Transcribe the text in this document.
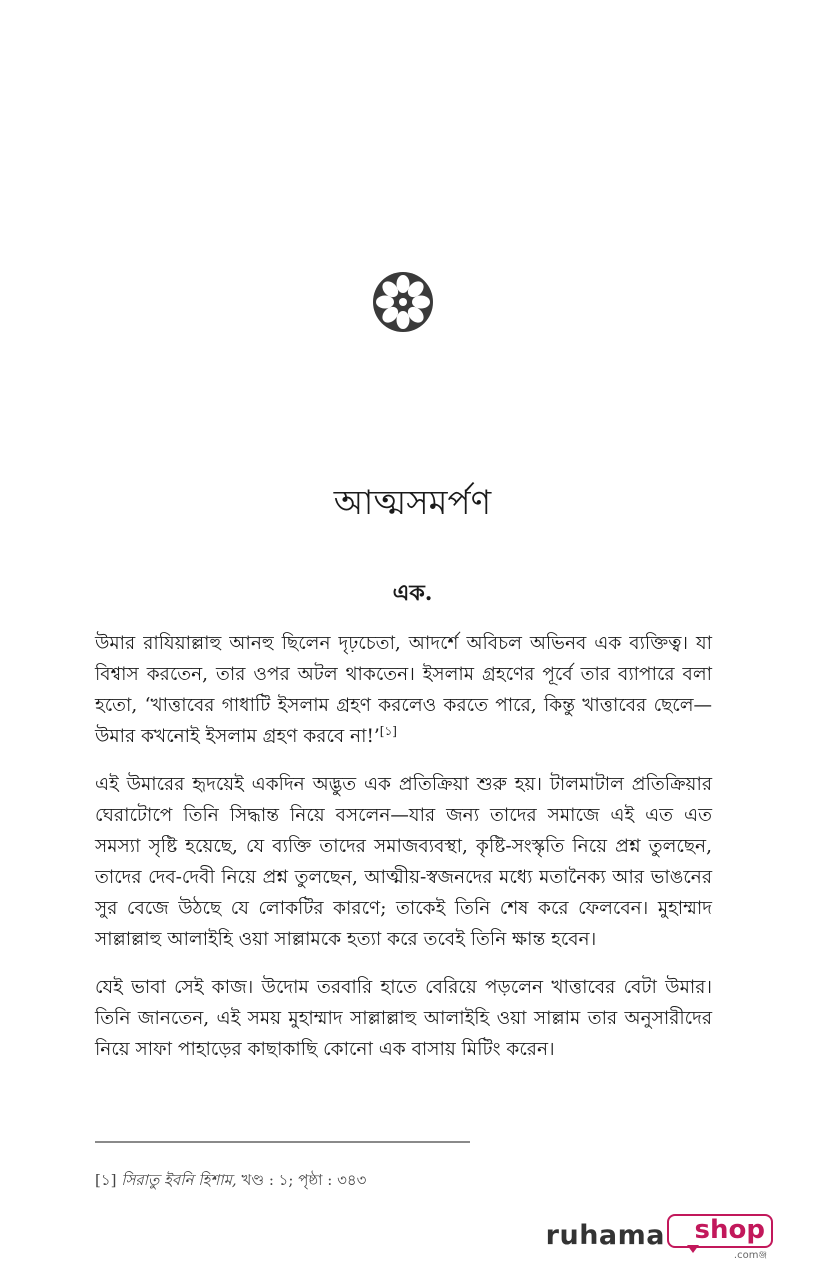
আত্মসমর্পণ
এক.

উমার রাযিয়াল্লাহু আনহু ছিলেন দৃঢ়চেতা, আদর্শে অবিচল অভিনব এক ব্যক্তিত্ব। যা বিশ্বাস করতেন, তার ওপর অটল থাকতেন। ইসলাম গ্রহণের পূর্বে তার ব্যাপারে বলা হতো, ‘খাত্তাবের গাধাটি ইসলাম গ্রহণ করলেও করতে পারে, কিন্তু খাত্তাবের ছেলে—উমার কখনোই ইসলাম গ্রহণ করবে না!’[১]

এই উমারের হৃদয়েই একদিন অদ্ভুত এক প্রতিক্রিয়া শুরু হয়। টালমাটাল প্রতিক্রিয়ার ঘেরাটোপে তিনি সিদ্ধান্ত নিয়ে বসলেন—যার জন্য তাদের সমাজে এই এত এত সমস্যা সৃষ্টি হয়েছে, যে ব্যক্তি তাদের সমাজব্যবস্থা, কৃষ্টি-সংস্কৃতি নিয়ে প্রশ্ন তুলছেন, তাদের দেব-দেবী নিয়ে প্রশ্ন তুলছেন, আত্মীয়-স্বজনদের মধ্যে মতানৈক্য আর ভাঙনের সুর বেজে উঠছে যে লোকটির কারণে; তাকেই তিনি শেষ করে ফেলবেন। মুহাম্মাদ সাল্লাল্লাহু আলাইহি ওয়া সাল্লামকে হত্যা করে তবেই তিনি ক্ষান্ত হবেন।

যেই ভাবা সেই কাজ। উদোম তরবারি হাতে বেরিয়ে পড়লেন খাত্তাবের বেটা উমার। তিনি জানতেন, এই সময় মুহাম্মাদ সাল্লাল্লাহু আলাইহি ওয়া সাল্লাম তার অনুসারীদের নিয়ে সাফা পাহাড়ের কাছাকাছি কোনো এক বাসায় মিটিং করেন।

[১] সিরাতু ইবনি হিশাম, খণ্ড : ১; পৃষ্ঠা : ৩৪৩
ruhama shop
.comঞ্জ
